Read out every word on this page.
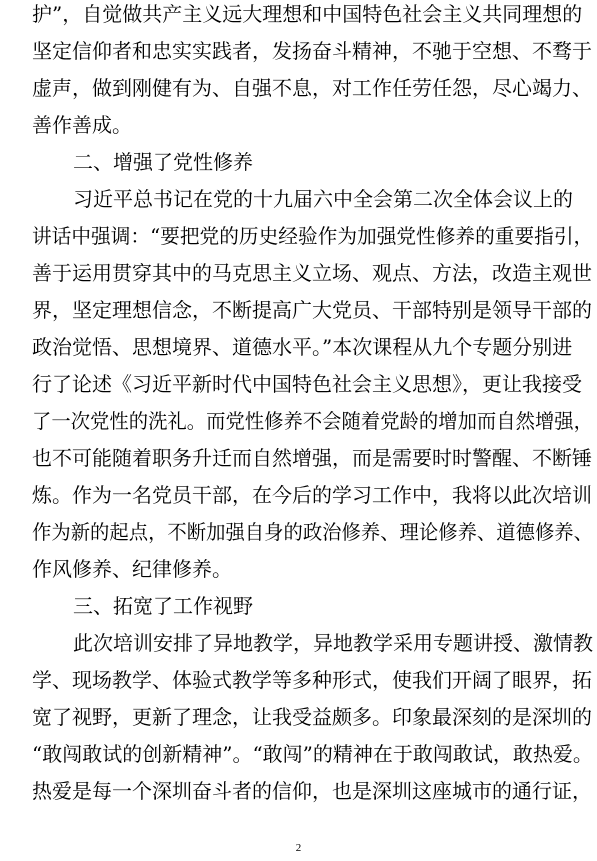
护”，自觉做共产主义远大理想和中国特色社会主义共同理想的
坚定信仰者和忠实实践者，发扬奋斗精神，不驰于空想、不骛于
虚声，做到刚健有为、自强不息，对工作任劳任怨，尽心竭力、
善作善成。
二、增强了党性修养
习近平总书记在党的十九届六中全会第二次全体会议上的
讲话中强调：“要把党的历史经验作为加强党性修养的重要指引，
善于运用贯穿其中的马克思主义立场、观点、方法，改造主观世
界，坚定理想信念，不断提高广大党员、干部特别是领导干部的
政治觉悟、思想境界、道德水平。”本次课程从九个专题分别进
行了论述《习近平新时代中国特色社会主义思想》，更让我接受
了一次党性的洗礼。而党性修养不会随着党龄的增加而自然增强，
也不可能随着职务升迁而自然增强，而是需要时时警醒、不断锤
炼。作为一名党员干部，在今后的学习工作中，我将以此次培训
作为新的起点，不断加强自身的政治修养、理论修养、道德修养、
作风修养、纪律修养。
三、拓宽了工作视野
此次培训安排了异地教学，异地教学采用专题讲授、激情教
学、现场教学、体验式教学等多种形式，使我们开阔了眼界，拓
宽了视野，更新了理念，让我受益颇多。印象最深刻的是深圳的
“敢闯敢试的创新精神”。“敢闯”的精神在于敢闯敢试，敢热爱。
热爱是每一个深圳奋斗者的信仰，也是深圳这座城市的通行证，
2
